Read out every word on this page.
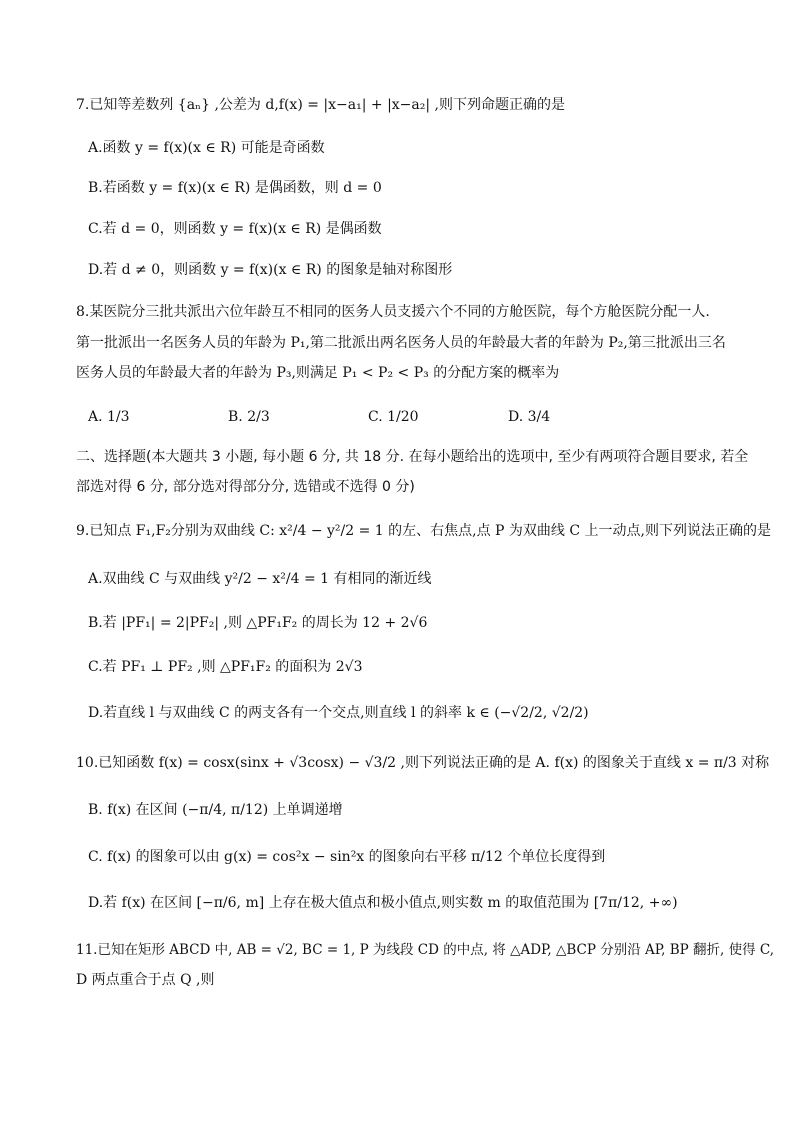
7.已知等差数列 {aₙ} ,公差为 d,f(x) = |x−a₁| + |x−a₂| ,则下列命题正确的是
A.函数 y = f(x)(x ∈ R) 可能是奇函数
B.若函数 y = f(x)(x ∈ R) 是偶函数，则 d = 0
C.若 d = 0，则函数 y = f(x)(x ∈ R) 是偶函数
D.若 d ≠ 0，则函数 y = f(x)(x ∈ R) 的图象是轴对称图形
8.某医院分三批共派出六位年龄互不相同的医务人员支援六个不同的方舱医院，每个方舱医院分配一人.
第一批派出一名医务人员的年龄为 P₁,第二批派出两名医务人员的年龄最大者的年龄为 P₂,第三批派出三名
医务人员的年龄最大者的年龄为 P₃,则满足 P₁ < P₂ < P₃ 的分配方案的概率为
A. 1/3	B. 2/3	C. 1/20	D. 3/4
二、选择题(本大题共 3 小题, 每小题 6 分, 共 18 分. 在每小题给出的选项中, 至少有两项符合题目要求, 若全
部选对得 6 分, 部分选对得部分分, 选错或不选得 0 分)
9.已知点 F₁,F₂分别为双曲线 C: x²/4 − y²/2 = 1 的左、右焦点,点 P 为双曲线 C 上一动点,则下列说法正确的是
A.双曲线 C 与双曲线 y²/2 − x²/4 = 1 有相同的渐近线
B.若 |PF₁| = 2|PF₂| ,则 △PF₁F₂ 的周长为 12 + 2√6
C.若 PF₁ ⊥ PF₂ ,则 △PF₁F₂ 的面积为 2√3
D.若直线 l 与双曲线 C 的两支各有一个交点,则直线 l 的斜率 k ∈ (−√2/2, √2/2)
10.已知函数 f(x) = cosx(sinx + √3cosx) − √3/2 ,则下列说法正确的是 A. f(x) 的图象关于直线 x = π/3 对称
B. f(x) 在区间 (−π/4, π/12) 上单调递增
C. f(x) 的图象可以由 g(x) = cos²x − sin²x 的图象向右平移 π/12 个单位长度得到
D.若 f(x) 在区间 [−π/6, m] 上存在极大值点和极小值点,则实数 m 的取值范围为 [7π/12, +∞)
11.已知在矩形 ABCD 中, AB = √2, BC = 1, P 为线段 CD 的中点, 将 △ADP, △BCP 分别沿 AP, BP 翻折, 使得 C,
D 两点重合于点 Q ,则
